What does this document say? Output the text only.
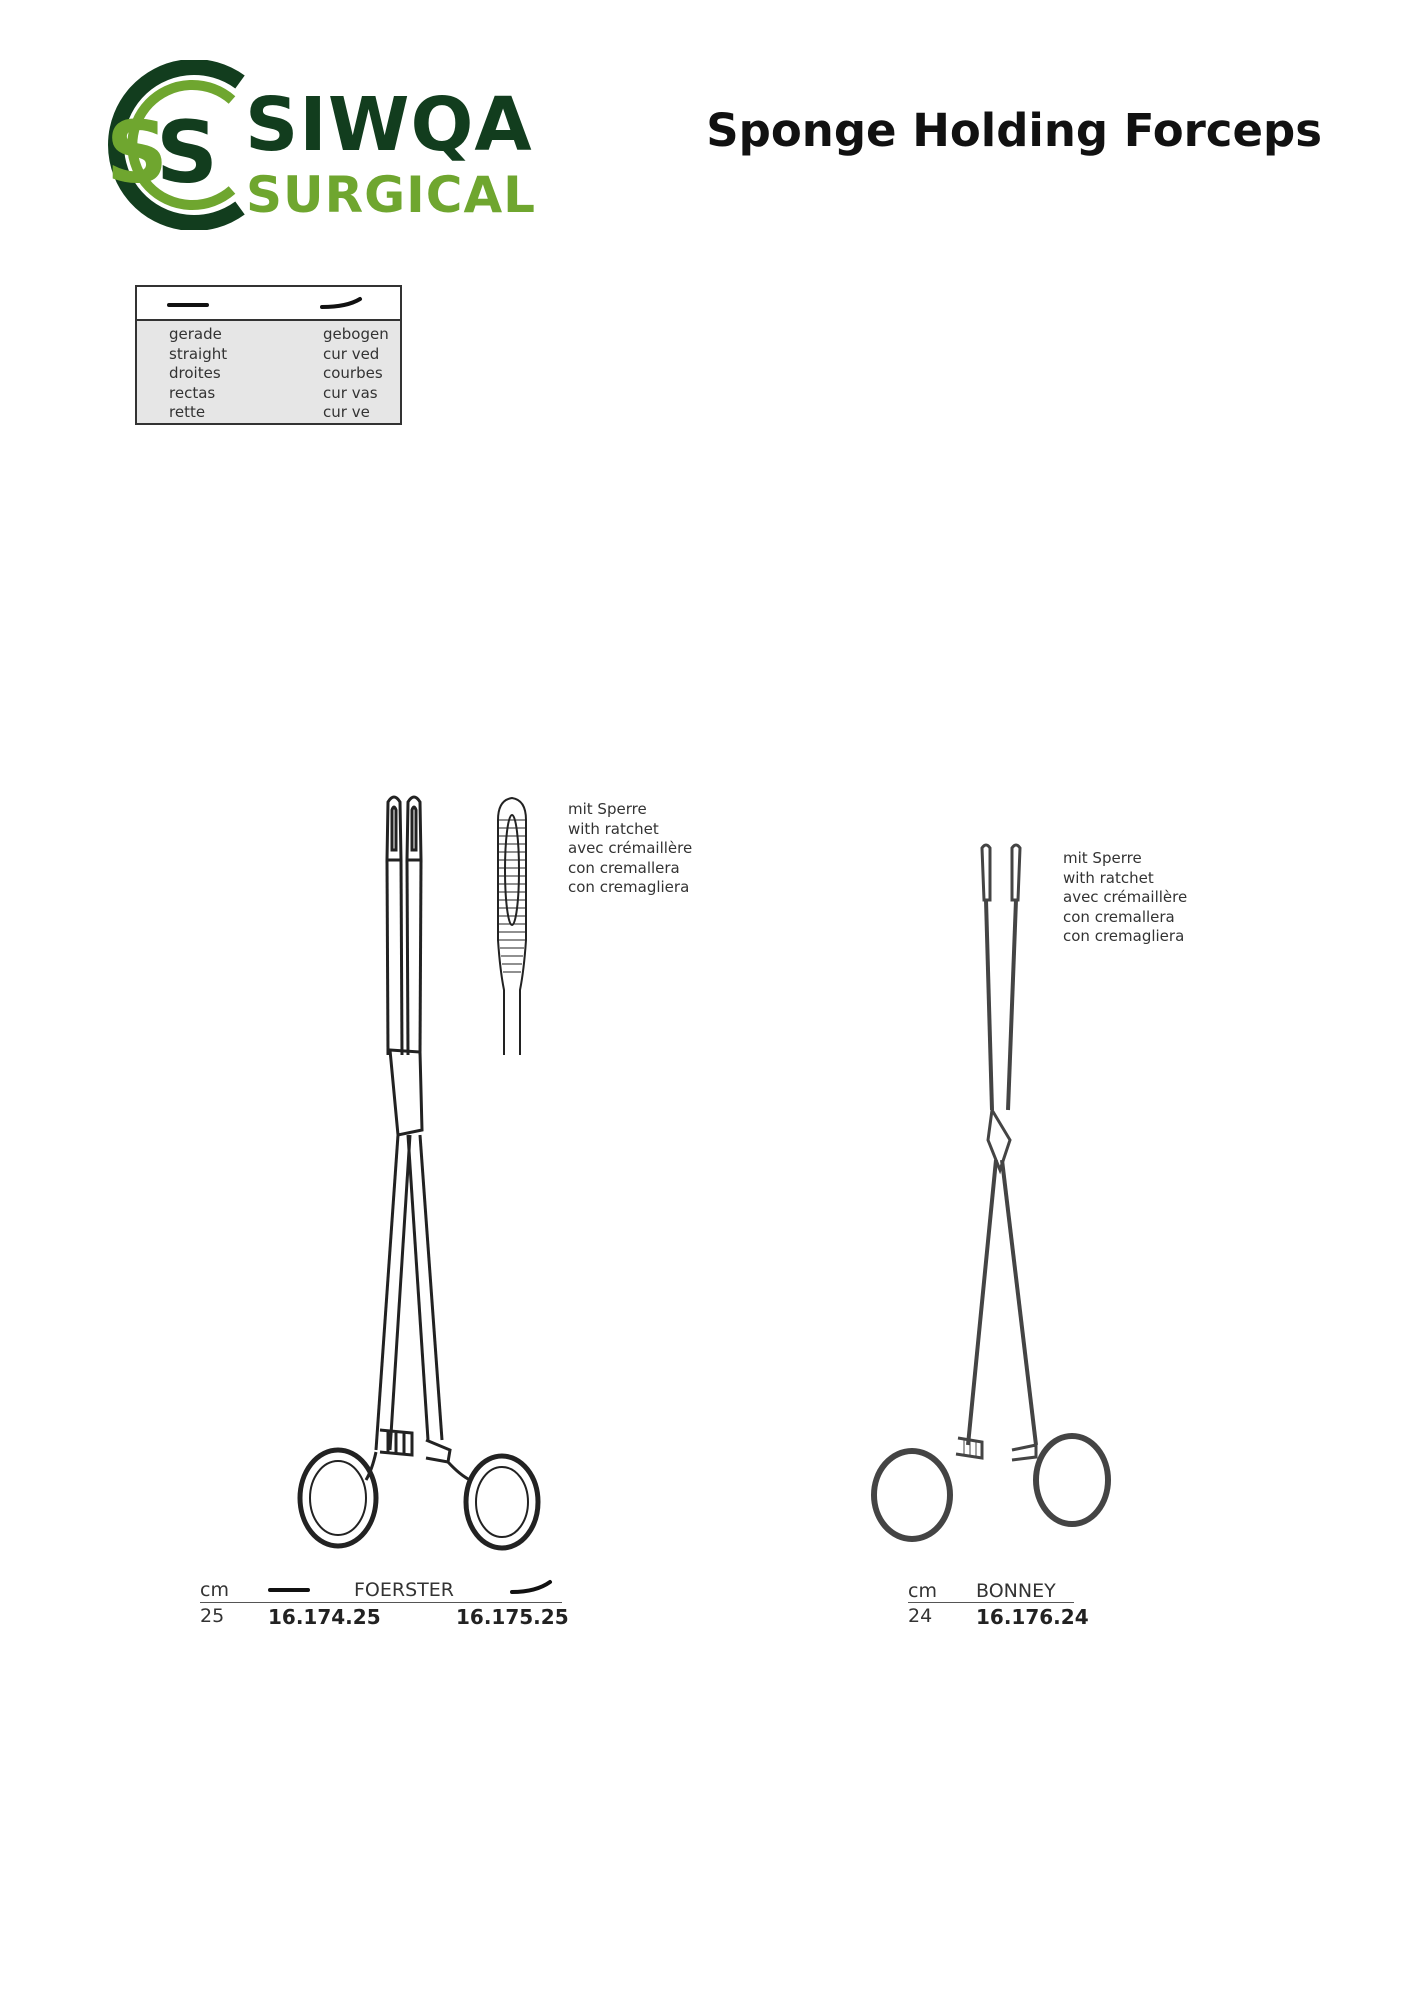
S
S SIWQA
SURGICAL
Sponge Holding Forceps
gerade
straight
droites
rectas
rette
gebogen
cur ved
courbes
cur vas
cur ve
mit Sperre
with ratchet
avec crémaillère
con cremallera
con cremagliera
cm	FOERSTER
25 16.174.25	16.175.25
mit Sperre
with ratchet
avec crémaillère
con cremallera
con cremagliera
cm BONNEY
24 16.176.24
